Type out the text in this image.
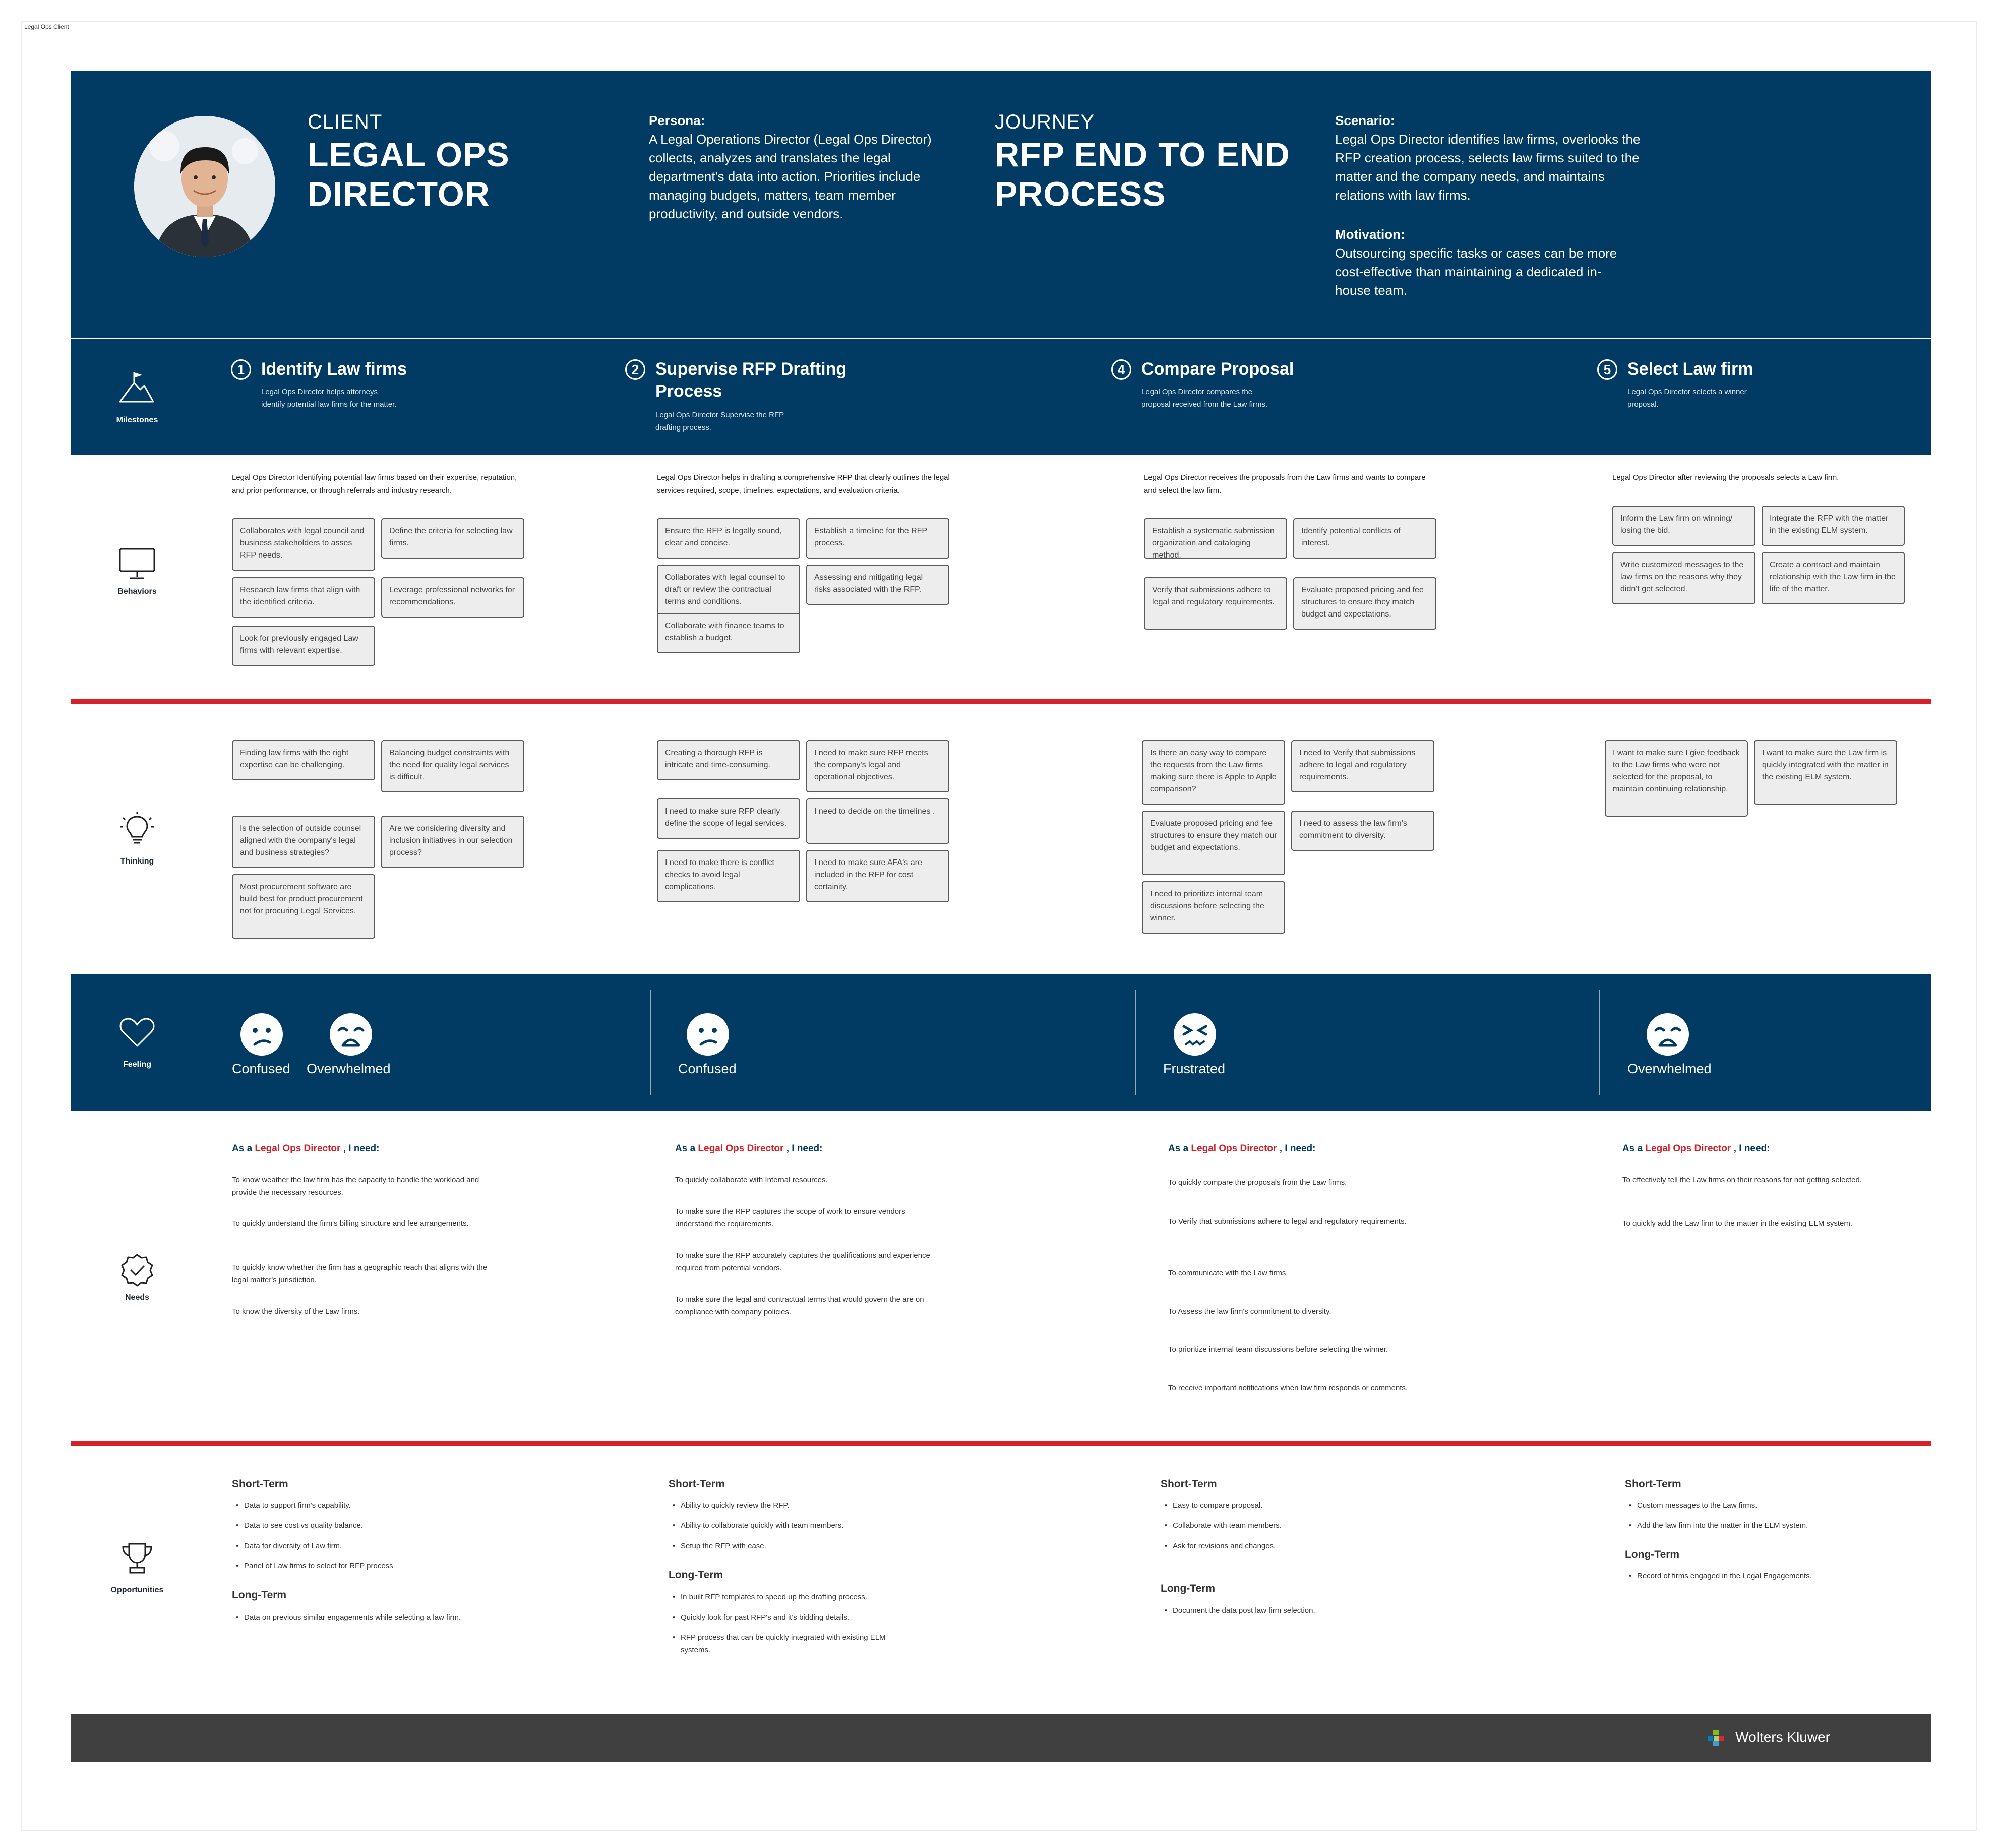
Legal Ops Client
CLIENT
LEGAL OPS
DIRECTOR
Persona:
A Legal Operations Director (Legal Ops Director) collects, analyzes and translates the legal department's data into action. Priorities include managing budgets, matters, team member productivity, and outside vendors.
JOURNEY
RFP END TO END
PROCESS
Scenario:
Legal Ops Director identifies law firms, overlooks the RFP creation process, selects law firms suited to the matter and the company needs, and maintains relations with law firms.
Motivation:
Outsourcing specific tasks or cases can be more cost-effective than maintaining a dedicated in-house team.
Milestones
1 Identify Law firms
Legal Ops Director helps attorneys identify potential law firms for the matter.
2 Supervise RFP Drafting
Process
Legal Ops Director Supervise the RFP drafting process.
4 Compare Proposal
Legal Ops Director compares the proposal received from the Law firms.
5 Select Law firm
Legal Ops Director selects a winner proposal.
Behaviors
Legal Ops Director Identifying potential law firms based on their expertise, reputation, and prior performance, or through referrals and industry research.
Collaborates with legal council and business stakeholders to asses RFP needs.
Define the criteria for selecting law firms.
Research law firms that align with the identified criteria.
Leverage professional networks for recommendations.
Look for previously engaged Law firms with relevant expertise.
Legal Ops Director helps in drafting a comprehensive RFP that clearly outlines the legal services required, scope, timelines, expectations, and evaluation criteria.
Ensure the RFP is legally sound, clear and concise.
Establish a timeline for the RFP process.
Collaborates with legal counsel to draft or review the contractual terms and conditions.
Assessing and mitigating legal risks associated with the RFP.
Collaborate with finance teams to establish a budget.
Legal Ops Director receives the proposals from the Law firms and wants to compare and select the law firm.
Establish a systematic submission organization and cataloging method.
Identify potential conflicts of interest.
Verify that submissions adhere to legal and regulatory requirements.
Evaluate proposed pricing and fee structures to ensure they match budget and expectations.
Legal Ops Director after reviewing the proposals selects a Law firm.
Inform the Law firm on winning/ losing the bid.
Integrate the RFP with the matter in the existing ELM system.
Write customized messages to the law firms on the reasons why they didn't get selected.
Create a contract and maintain relationship with the Law firm in the life of the matter.
Thinking
Finding law firms with the right expertise can be challenging.
Balancing budget constraints with the need for quality legal services is difficult.
Is the selection of outside counsel aligned with the company's legal and business strategies?
Are we considering diversity and inclusion initiatives in our selection process?
Most procurement software are build best for product procurement not for procuring Legal Services.
Creating a thorough RFP is intricate and time-consuming.
I need to make sure RFP meets the company's legal and operational objectives.
I need to make sure RFP clearly define the scope of legal services.
I need to decide on the timelines .
I need to make there is conflict checks to avoid legal complications.
I need to make sure AFA's are included in the RFP for cost certainity.
Is there an easy way to compare the requests from the Law firms making sure there is Apple to Apple comparison?
I need to Verify that submissions adhere to legal and regulatory requirements.
Evaluate proposed pricing and fee structures to ensure they match our budget and expectations.
I need to assess the law firm's commitment to diversity.
I need to prioritize internal team discussions before selecting the winner.
I want to make sure I give feedback to the Law firms who were not selected for the proposal, to maintain continuing relationship.
I want to make sure the Law firm is quickly integrated with the matter in the existing ELM system.
Feeling	Confused Overwhelmed	Confused	Frustrated	Overwhelmed
Needs
As a Legal Ops Director , I need:
To know weather the law firm has the capacity to handle the workload and provide the necessary resources.
To quickly understand the firm's billing structure and fee arrangements.
To quickly know whether the firm has a geographic reach that aligns with the legal matter's jurisdiction.
To know the diversity of the Law firms.
As a Legal Ops Director , I need:
To quickly collaborate with Internal resources.
To make sure the RFP captures the scope of work to ensure vendors understand the requirements.
To make sure the RFP accurately captures the qualifications and experience required from potential vendors.
To make sure the legal and contractual terms that would govern the are on compliance with company policies.
As a Legal Ops Director , I need:
To quickly compare the proposals from the Law firms.
To Verify that submissions adhere to legal and regulatory requirements.
To communicate with the Law firms.
To Assess the law firm's commitment to diversity.
To prioritize internal team discussions before selecting the winner.
To receive important notifications when law firm responds or comments.
As a Legal Ops Director , I need:
To effectively tell the Law firms on their reasons for not getting selected.
To quickly add the Law firm to the matter in the existing ELM system.
Opportunities
Short-Term
• Data to support firm's capability.
• Data to see cost vs quality balance.
• Data for diversity of Law firm.
• Panel of Law firms to select for RFP process
Long-Term
• Data on previous similar engagements while selecting a law firm.
Short-Term
• Ability to quickly review the RFP.
• Ability to collaborate quickly with team members.
• Setup the RFP with ease.
Long-Term
• In built RFP templates to speed up the drafting process.
• Quickly look for past RFP's and it's bidding details.
• RFP process that can be quickly integrated with existing ELM systems.
Short-Term
• Easy to compare proposal.
• Collaborate with team members.
• Ask for revisions and changes.
Long-Term
• Document the data post law firm selection.
Short-Term
• Custom messages to the Law firms.
• Add the law firm into the matter in the ELM system.
Long-Term
• Record of firms engaged in the Legal Engagements.
Wolters Kluwer
